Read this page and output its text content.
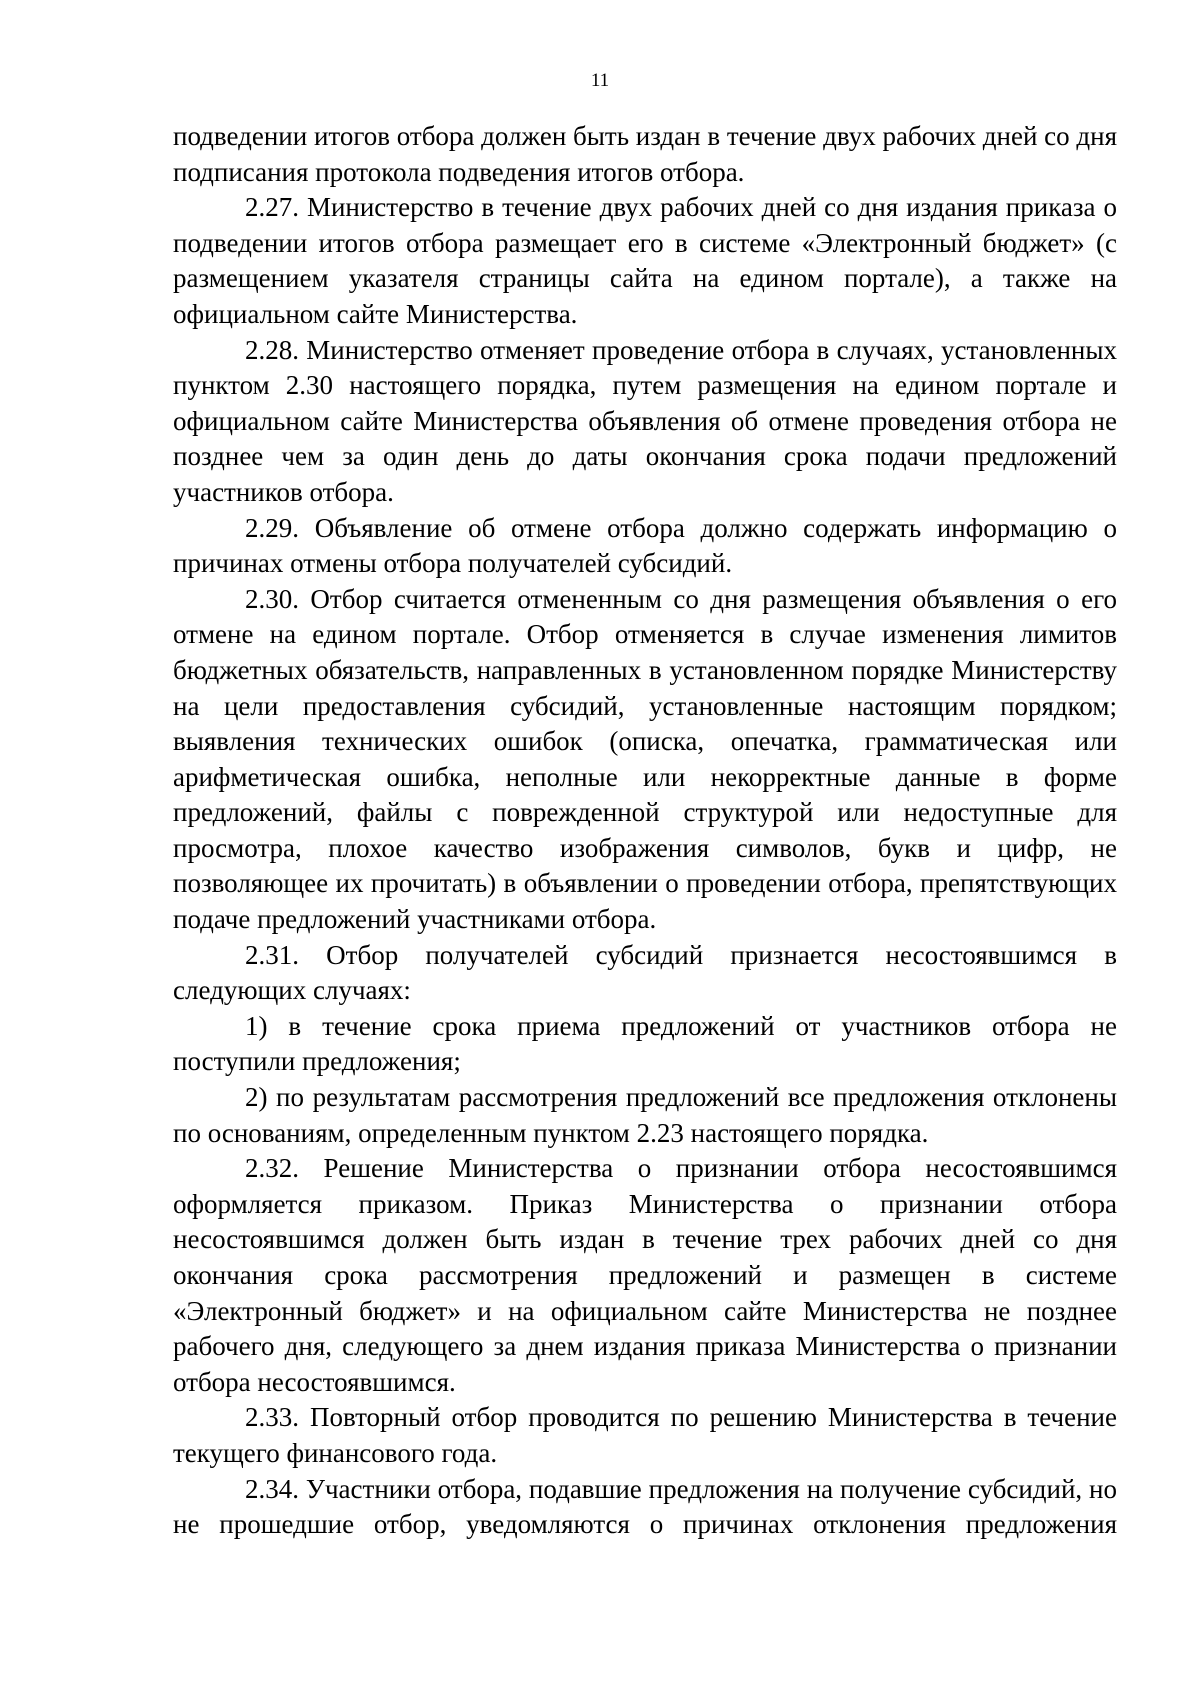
11

подведении итогов отбора должен быть издан в течение двух рабочих дней со дня подписания протокола подведения итогов отбора.

2.27. Министерство в течение двух рабочих дней со дня издания приказа о подведении итогов отбора размещает его в системе «Электронный бюджет» (с размещением указателя страницы сайта на едином портале), а также на официальном сайте Министерства.

2.28. Министерство отменяет проведение отбора в случаях, установленных пунктом 2.30 настоящего порядка, путем размещения на едином портале и официальном сайте Министерства объявления об отмене проведения отбора не позднее чем за один день до даты окончания срока подачи предложений участников отбора.

2.29. Объявление об отмене отбора должно содержать информацию о причинах отмены отбора получателей субсидий.

2.30. Отбор считается отмененным со дня размещения объявления о его отмене на едином портале. Отбор отменяется в случае изменения лимитов бюджетных обязательств, направленных в установленном порядке Министерству на цели предоставления субсидий, установленные настоящим порядком; выявления технических ошибок (описка, опечатка, грамматическая или арифметическая ошибка, неполные или некорректные данные в форме предложений, файлы с поврежденной структурой или недоступные для просмотра, плохое качество изображения символов, букв и цифр, не позволяющее их прочитать) в объявлении о проведении отбора, препятствующих подаче предложений участниками отбора.

2.31. Отбор получателей субсидий признается несостоявшимся в следующих случаях:

1) в течение срока приема предложений от участников отбора не поступили предложения;

2) по результатам рассмотрения предложений все предложения отклонены по основаниям, определенным пунктом 2.23 настоящего порядка.

2.32. Решение Министерства о признании отбора несостоявшимся оформляется приказом. Приказ Министерства о признании отбора несостоявшимся должен быть издан в течение трех рабочих дней со дня окончания срока рассмотрения предложений и размещен в системе «Электронный бюджет» и на официальном сайте Министерства не позднее рабочего дня, следующего за днем издания приказа Министерства о признании отбора несостоявшимся.

2.33. Повторный отбор проводится по решению Министерства в течение текущего финансового года.

2.34. Участники отбора, подавшие предложения на получение субсидий, но не прошедшие отбор, уведомляются о причинах отклонения предложения
